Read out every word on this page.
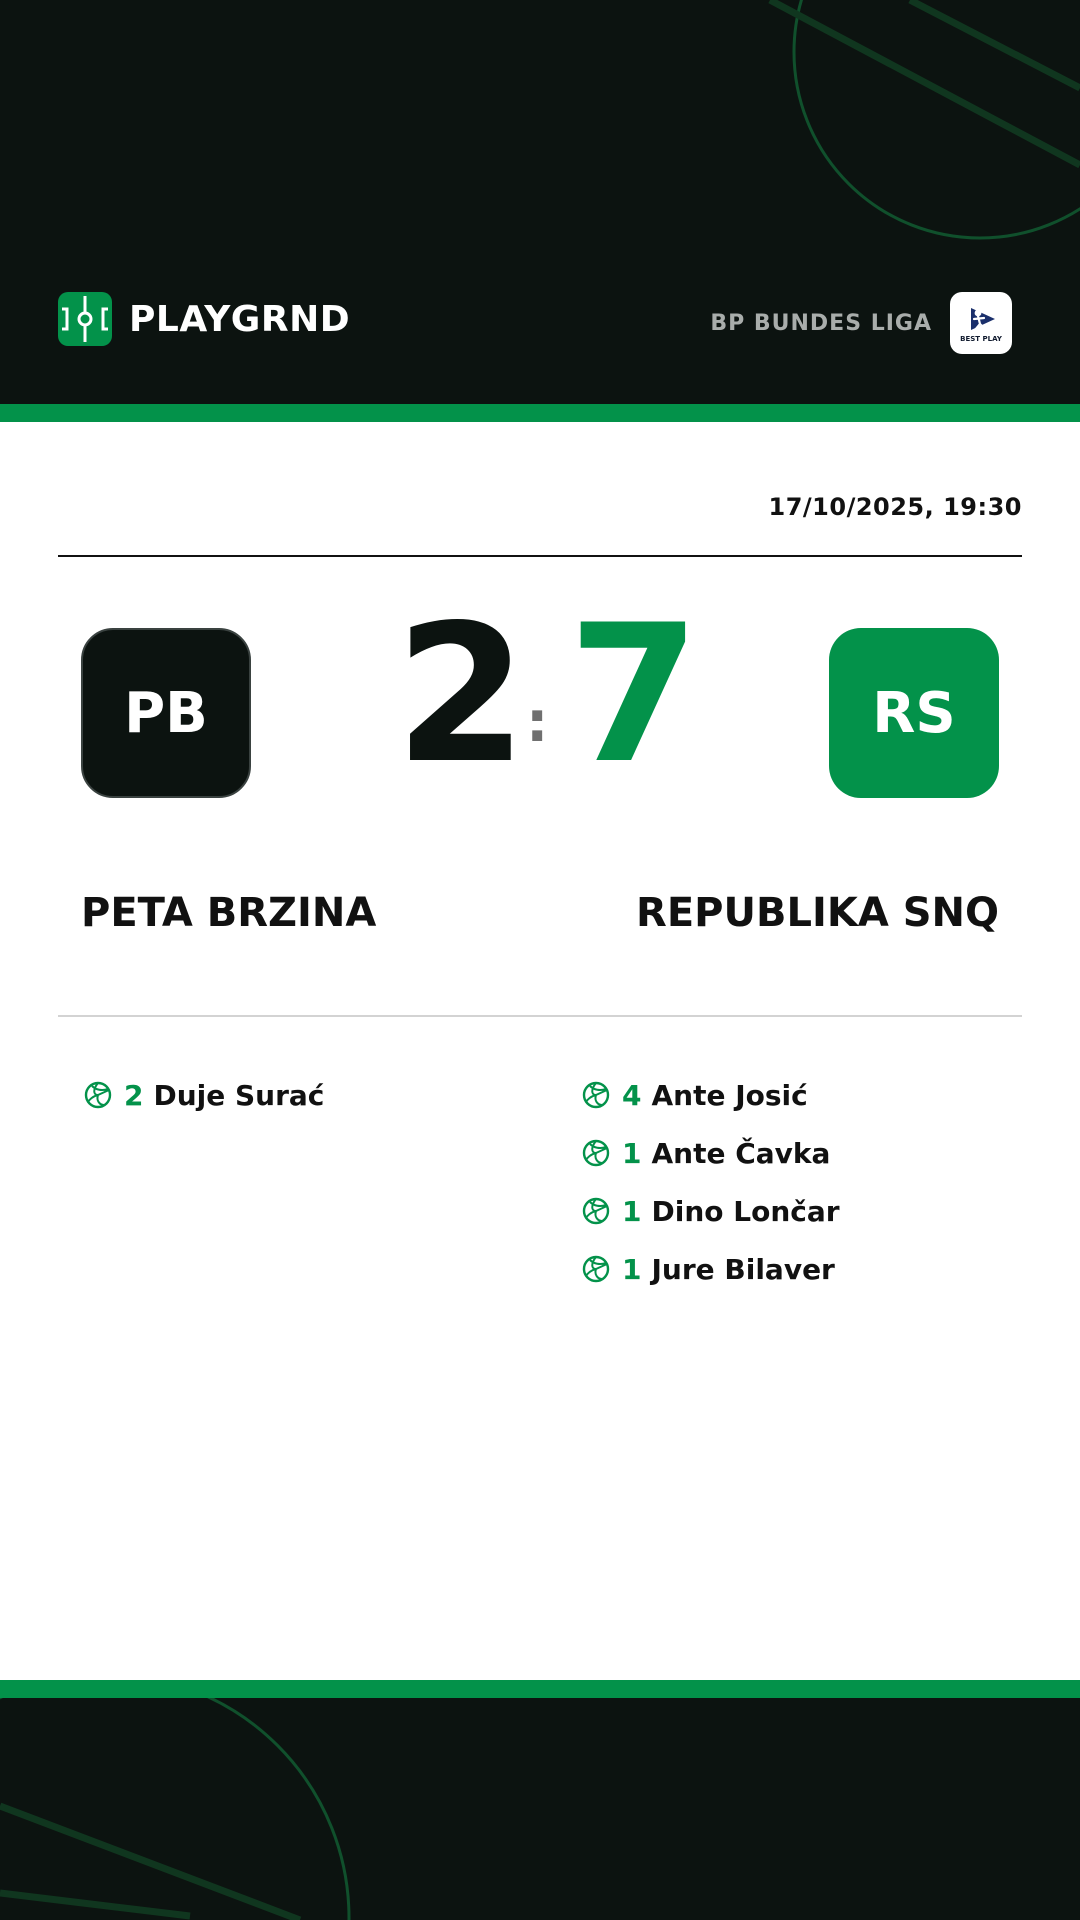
PLAYGRND	BP BUNDES LIGA
BEST PLAY
17/10/2025, 19:30
PB 2 : 7	RS
PETA BRZINA	REPUBLIKA SNQ
2 Duje Surać	4 Ante Josić
1 Ante Čavka
1 Dino Lončar
1 Jure Bilaver
